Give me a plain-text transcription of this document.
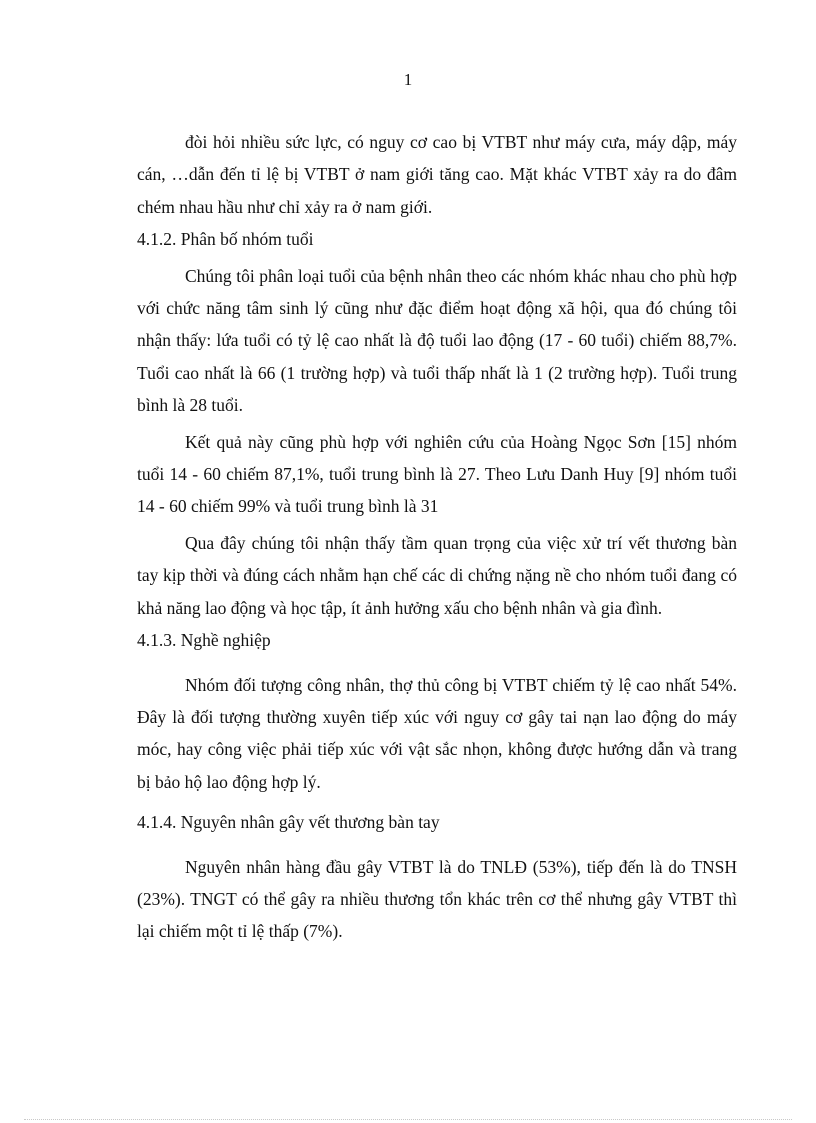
1

đòi hỏi nhiều sức lực, có nguy cơ cao bị VTBT như máy cưa, máy dập, máy cán, …dẫn đến tỉ lệ bị VTBT ở nam giới tăng cao. Mặt khác VTBT xảy ra do đâm chém nhau hầu như chỉ xảy ra ở nam giới.

4.1.2. Phân bố nhóm tuổi

Chúng tôi phân loại tuổi của bệnh nhân theo các nhóm khác nhau cho phù hợp với chức năng tâm sinh lý cũng như đặc điểm hoạt động xã hội, qua đó chúng tôi nhận thấy: lứa tuổi có tỷ lệ cao nhất là độ tuổi lao động (17 - 60 tuổi) chiếm 88,7%. Tuổi cao nhất là 66 (1 trường hợp) và tuổi thấp nhất là 1 (2 trường hợp). Tuổi trung bình là 28 tuổi.

Kết quả này cũng phù hợp với nghiên cứu của Hoàng Ngọc Sơn [15] nhóm tuổi 14 - 60 chiếm 87,1%, tuổi trung bình là 27. Theo Lưu Danh Huy [9] nhóm tuổi 14 - 60 chiếm 99% và tuổi trung bình là 31

Qua đây chúng tôi nhận thấy tầm quan trọng của việc xử trí vết thương bàn tay kịp thời và đúng cách nhằm hạn chế các di chứng nặng nề cho nhóm tuổi đang có khả năng lao động và học tập, ít ảnh hưởng xấu cho bệnh nhân và gia đình.

4.1.3. Nghề nghiệp

Nhóm đối tượng công nhân, thợ thủ công bị VTBT chiếm tỷ lệ cao nhất 54%. Đây là đối tượng thường xuyên tiếp xúc với nguy cơ gây tai nạn lao động do máy móc, hay công việc phải tiếp xúc với vật sắc nhọn, không được hướng dẫn và trang bị bảo hộ lao động hợp lý.

4.1.4. Nguyên nhân gây vết thương bàn tay

Nguyên nhân hàng đầu gây VTBT là do TNLĐ (53%), tiếp đến là do TNSH (23%). TNGT có thể gây ra nhiều thương tổn khác trên cơ thể nhưng gây VTBT thì lại chiếm một tỉ lệ thấp (7%).
